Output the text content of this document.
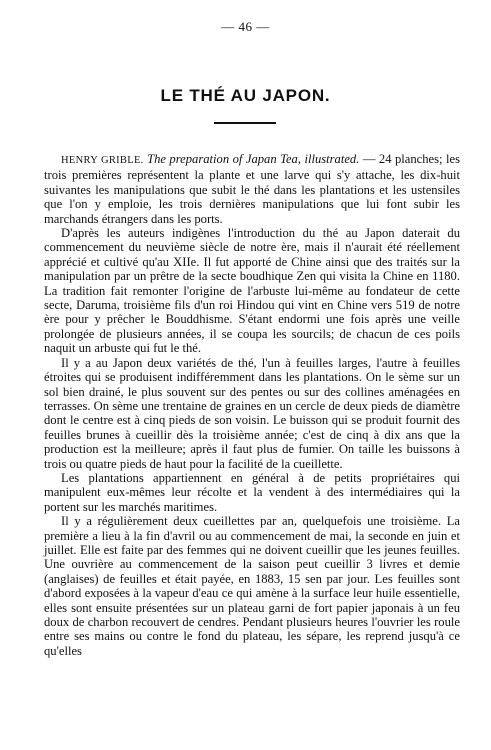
— 46 —
LE THÉ AU JAPON.

HENRY GRIBLE. The preparation of Japan Tea, illustrated. — 24 planches; les trois premières représentent la plante et une larve qui s'y attache, les dix-huit suivantes les manipulations que subit le thé dans les plantations et les ustensiles que l'on y emploie, les trois dernières manipulations que lui font subir les marchands étrangers dans les ports.

D'après les auteurs indigènes l'introduction du thé au Japon daterait du commencement du neuvième siècle de notre ère, mais il n'aurait été réellement apprécié et cultivé qu'au XIIe. Il fut apporté de Chine ainsi que des traités sur la manipulation par un prêtre de la secte boudhique Zen qui visita la Chine en 1180. La tradition fait remonter l'origine de l'arbuste lui-même au fondateur de cette secte, Daruma, troisième fils d'un roi Hindou qui vint en Chine vers 519 de notre ère pour y prêcher le Bouddhisme. S'étant endormi une fois après une veille prolongée de plusieurs années, il se coupa les sourcils; de chacun de ces poils naquit un arbuste qui fut le thé.

Il y a au Japon deux variétés de thé, l'un à feuilles larges, l'autre à feuilles étroites qui se produisent indifféremment dans les plantations. On le sème sur un sol bien drainé, le plus souvent sur des pentes ou sur des collines aménagées en terrasses. On sème une trentaine de graines en un cercle de deux pieds de diamètre dont le centre est à cinq pieds de son voisin. Le buisson qui se produit fournit des feuilles brunes à cueillir dès la troisième année; c'est de cinq à dix ans que la production est la meilleure; après il faut plus de fumier. On taille les buissons à trois ou quatre pieds de haut pour la facilité de la cueillette.

Les plantations appartiennent en général à de petits propriétaires qui manipulent eux-mêmes leur récolte et la vendent à des intermédiaires qui la portent sur les marchés maritimes.

Il y a régulièrement deux cueillettes par an, quelquefois une troisième. La première a lieu à la fin d'avril ou au commencement de mai, la seconde en juin et juillet. Elle est faite par des femmes qui ne doivent cueillir que les jeunes feuilles. Une ouvrière au commencement de la saison peut cueillir 3 livres et demie (anglaises) de feuilles et était payée, en 1883, 15 sen par jour. Les feuilles sont d'abord exposées à la vapeur d'eau ce qui amène à la surface leur huile essentielle, elles sont ensuite présentées sur un plateau garni de fort papier japonais à un feu doux de charbon recouvert de cendres. Pendant plusieurs heures l'ouvrier les roule entre ses mains ou contre le fond du plateau, les sépare, les reprend jusqu'à ce qu'elles
